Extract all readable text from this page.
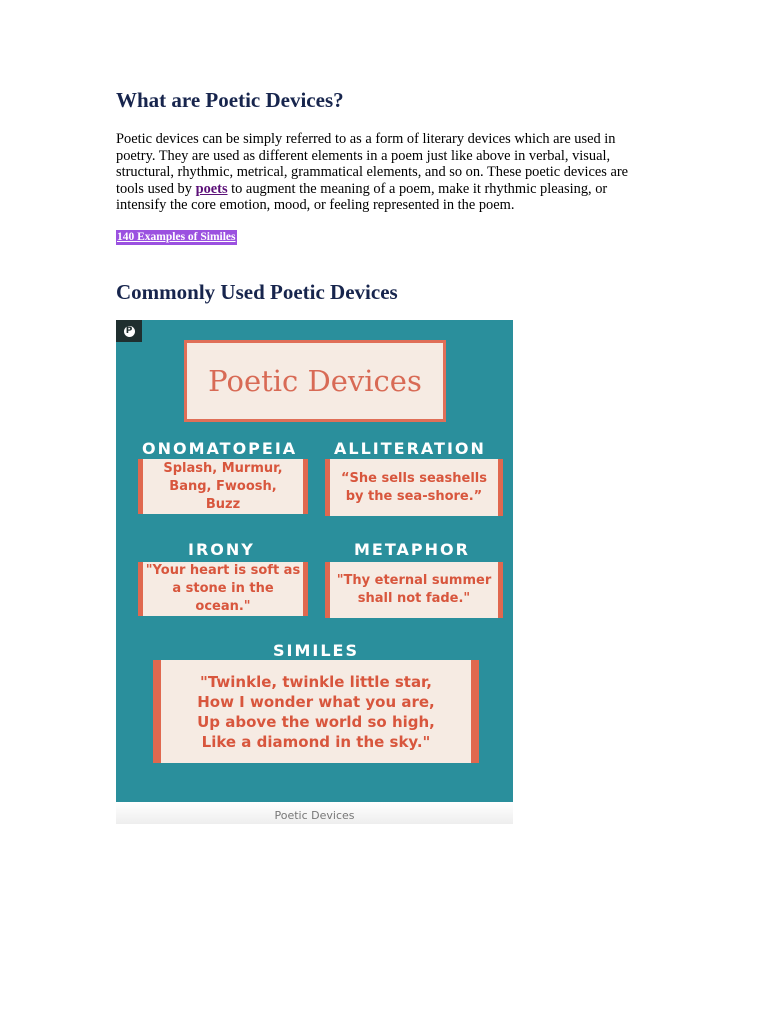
What are Poetic Devices?

Poetic devices can be simply referred to as a form of literary devices which are used in poetry. They are used as different elements in a poem just like above in verbal, visual, structural, rhythmic, metrical, grammatical elements, and so on. These poetic devices are tools used by poets to augment the meaning of a poem, make it rhythmic pleasing, or intensify the core emotion, mood, or feeling represented in the poem.

140 Examples of Similes
Commonly Used Poetic Devices
P
Poetic Devices
ONOMATOPEIA
Splash, Murmur,
Bang, Fwoosh,
Buzz
ALLITERATION
“She sells seashells
by the sea-shore.”
IRONY
"Your heart is soft as
a stone in the ocean."
METAPHOR
"Thy eternal summer
shall not fade."
SIMILES
"Twinkle, twinkle little star,
How I wonder what you are,
Up above the world so high,
Like a diamond in the sky."
Poetic Devices
